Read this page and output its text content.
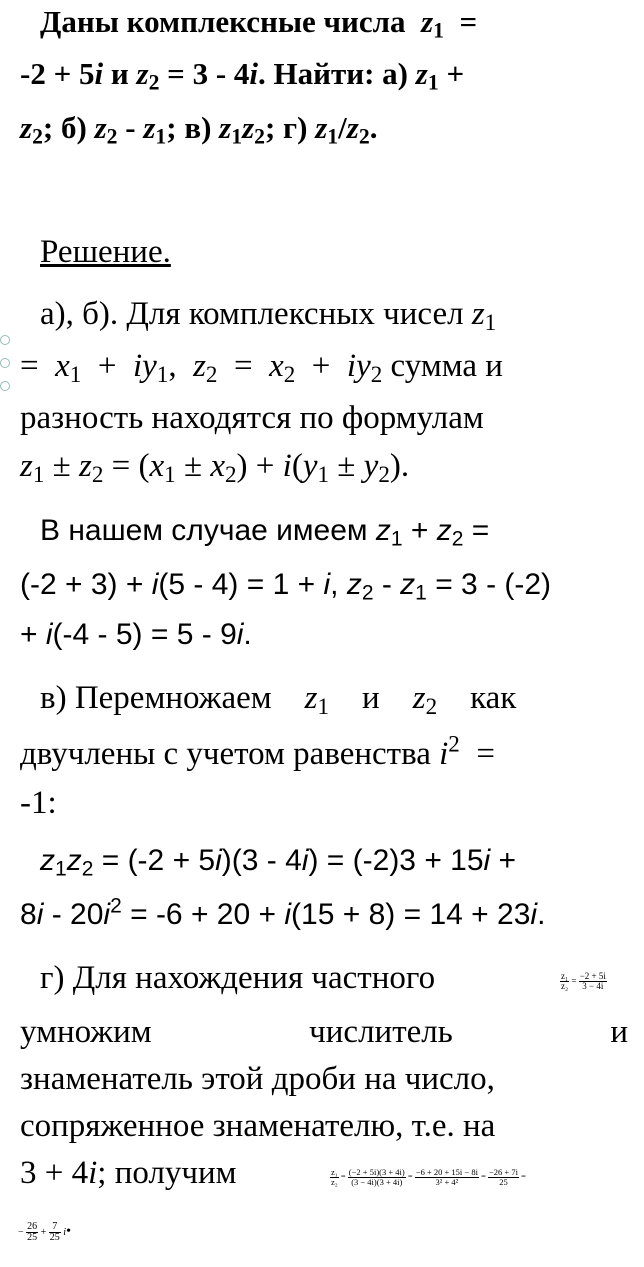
Даны комплексные числа $z_1$ =
-2 + 5i и $z_2 = 3 - 4i$. Найти: а) $z_1$ +
$z_2$; б) $z_2 - z_1$; в) $z_1z_2$; г) $z_1/z_2$.
Решение.
а), б). Для комплексных чисел $z_1$
= $x_1 + iy_1$,  $z_2 = x_2 + iy_2$ сумма и
разность находятся по формулам
$z_1 \pm z_2 = (x_1 \pm x_2) + i(y_1 \pm y_2)$.
В нашем случае имеем $z_1 + z_2$ =
(-2 + 3) + i(5 - 4) = 1 + i, $z_2 - z_1 = 3 - (-2)$
+ i(-4 - 5) = 5 - 9i.
в) Перемножаем    $z_1$    и    $z_2$    как
двучлены с учетом равенства $i^2$  =
-1:
$z_1z_2 = (-2 + 5i)(3 - 4i) = (-2)3 + 15i$ +
$8i - 20i^2 = -6 + 20 + i(15 + 8) = 14 + 23i$.
г) Для нахождения частного	$\frac{\text{z₁}}{\text{z₂}} = \frac{-2 + 5i}{3 - 4i}$
умножим	числитель	и
знаменатель этой дроби на число,
сопряженное знаменателю, т.е. на
3 + 4i; получим	$\frac{\text{z₁}}{\text{z₂}} = \frac{(-2 + 5i)(3 + 4i)}{(3 - 4i)(3 + 4i)} = \frac{-6 + 20 + 15i - 8i}{\text{3² + 4²}} = \frac{-26 + 7i}{25}$ =
− $\frac{26}{25} + \frac{7}{25}$ i•
